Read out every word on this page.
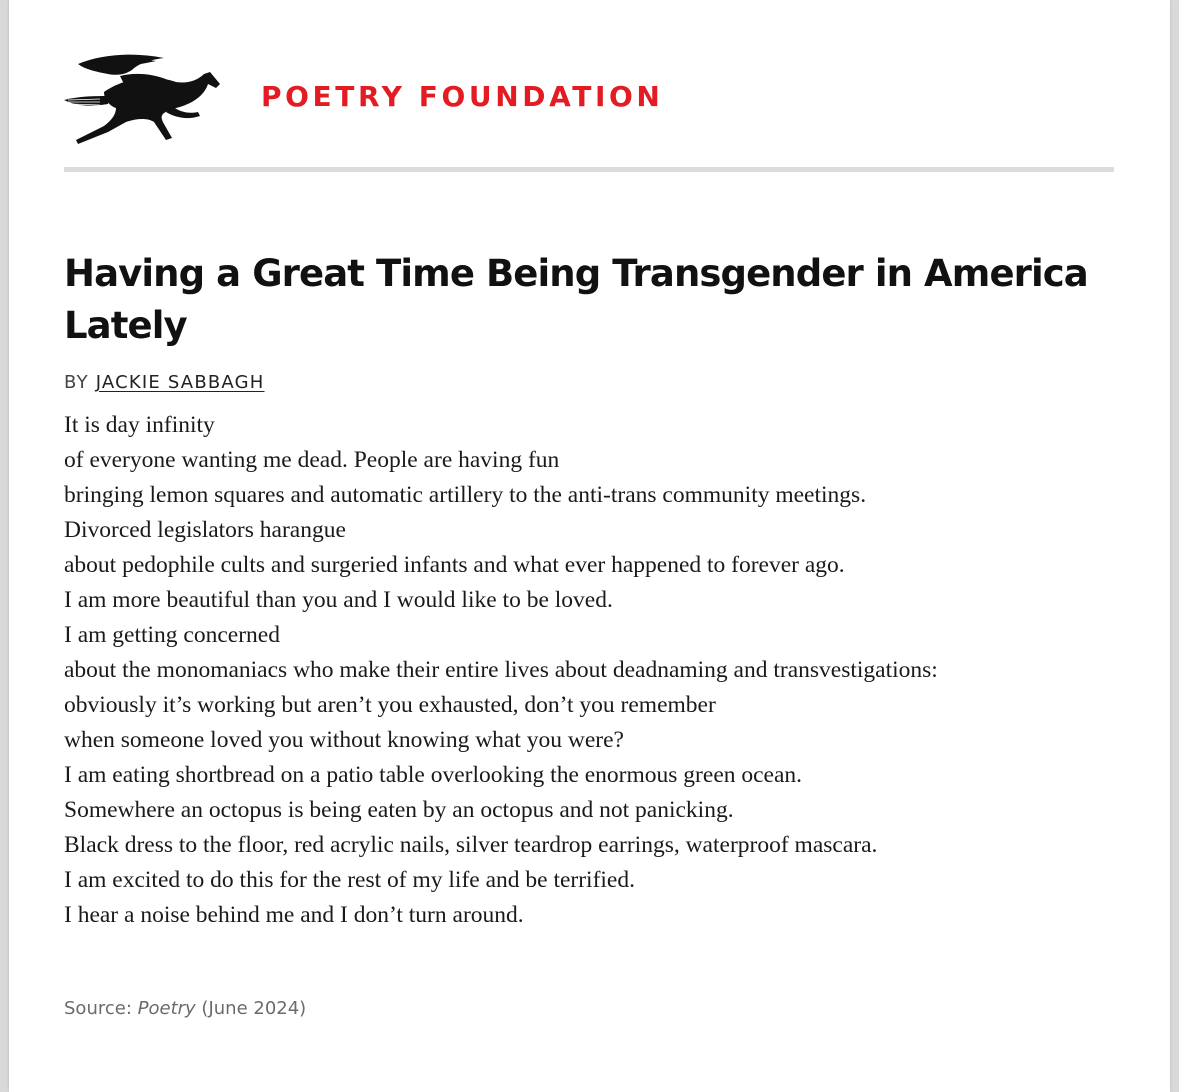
POETRY FOUNDATION
Having a Great Time Being Transgender in America Lately
BY JACKIE SABBAGH
It is day infinity
of everyone wanting me dead. People are having fun
bringing lemon squares and automatic artillery to the anti-trans community meetings.
Divorced legislators harangue
about pedophile cults and surgeried infants and what ever happened to forever ago.
I am more beautiful than you and I would like to be loved.
I am getting concerned
about the monomaniacs who make their entire lives about deadnaming and transvestigations:
obviously it’s working but aren’t you exhausted, don’t you remember
when someone loved you without knowing what you were?
I am eating shortbread on a patio table overlooking the enormous green ocean.
Somewhere an octopus is being eaten by an octopus and not panicking.
Black dress to the floor, red acrylic nails, silver teardrop earrings, waterproof mascara.
I am excited to do this for the rest of my life and be terrified.
I hear a noise behind me and I don’t turn around.
Source: Poetry (June 2024)
